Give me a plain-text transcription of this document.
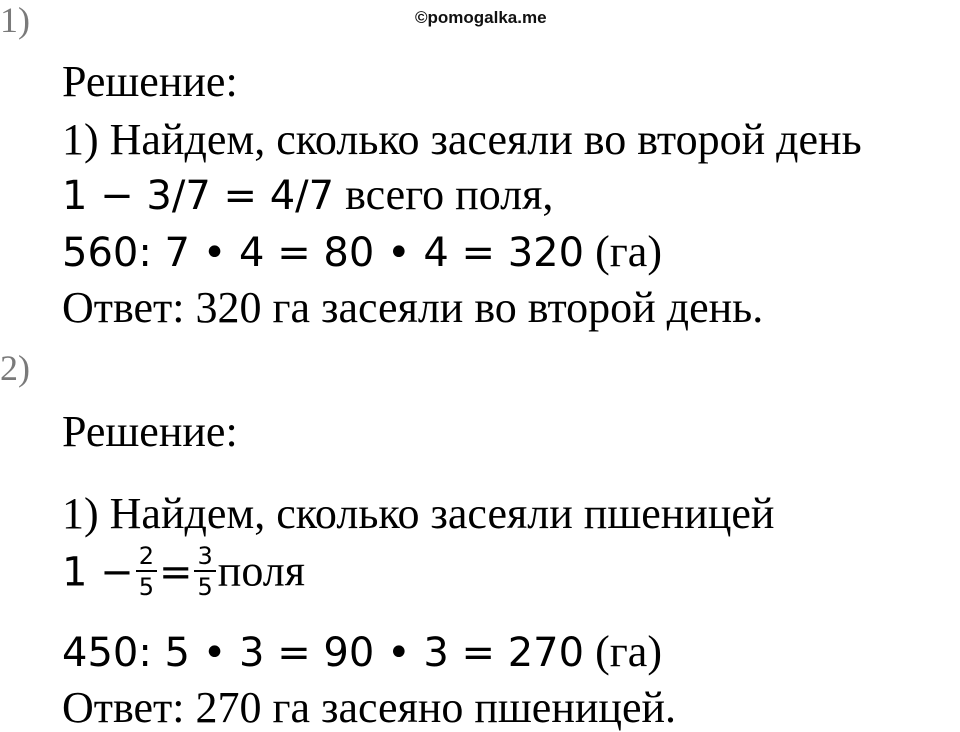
©pomogalka.me
1)
Решение:
1) Найдем, сколько засеяли во второй день
1 − 3/7 = 4/7 всего поля,
560: 7 • 4 = 80 • 4 = 320 (га)
Ответ: 320 га засеяли во второй день.
2)
Решение:
1) Найдем, сколько засеяли пшеницей
$1 - \frac{2}{5} = \frac{3}{5}$ поля
450: 5 • 3 = 90 • 3 = 270 (га)
Ответ: 270 га засеяно пшеницей.
